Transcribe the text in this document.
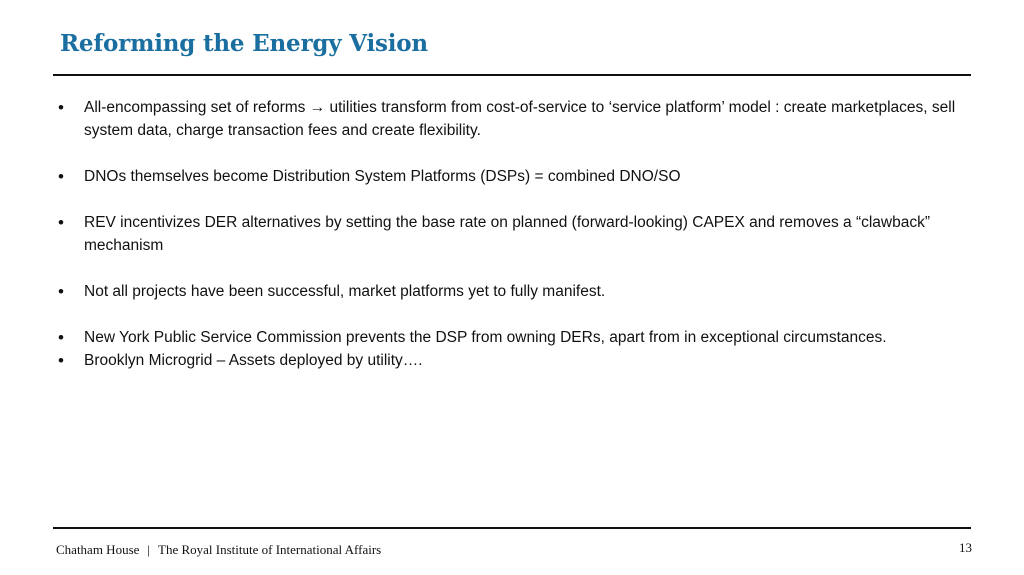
Reforming the Energy Vision
• All-encompassing set of reforms → utilities transform from cost-of-service to ‘service platform’ model : create marketplaces, sell system data, charge transaction fees and create flexibility.
• DNOs themselves become Distribution System Platforms (DSPs) = combined DNO/SO
• REV incentivizes DER alternatives by setting the base rate on planned (forward-looking) CAPEX and removes a “clawback” mechanism
• Not all projects have been successful, market platforms yet to fully manifest.
• New York Public Service Commission prevents the DSP from owning DERs, apart from in exceptional circumstances.
• Brooklyn Microgrid – Assets deployed by utility….
Chatham House | The Royal Institute of International Affairs	13
